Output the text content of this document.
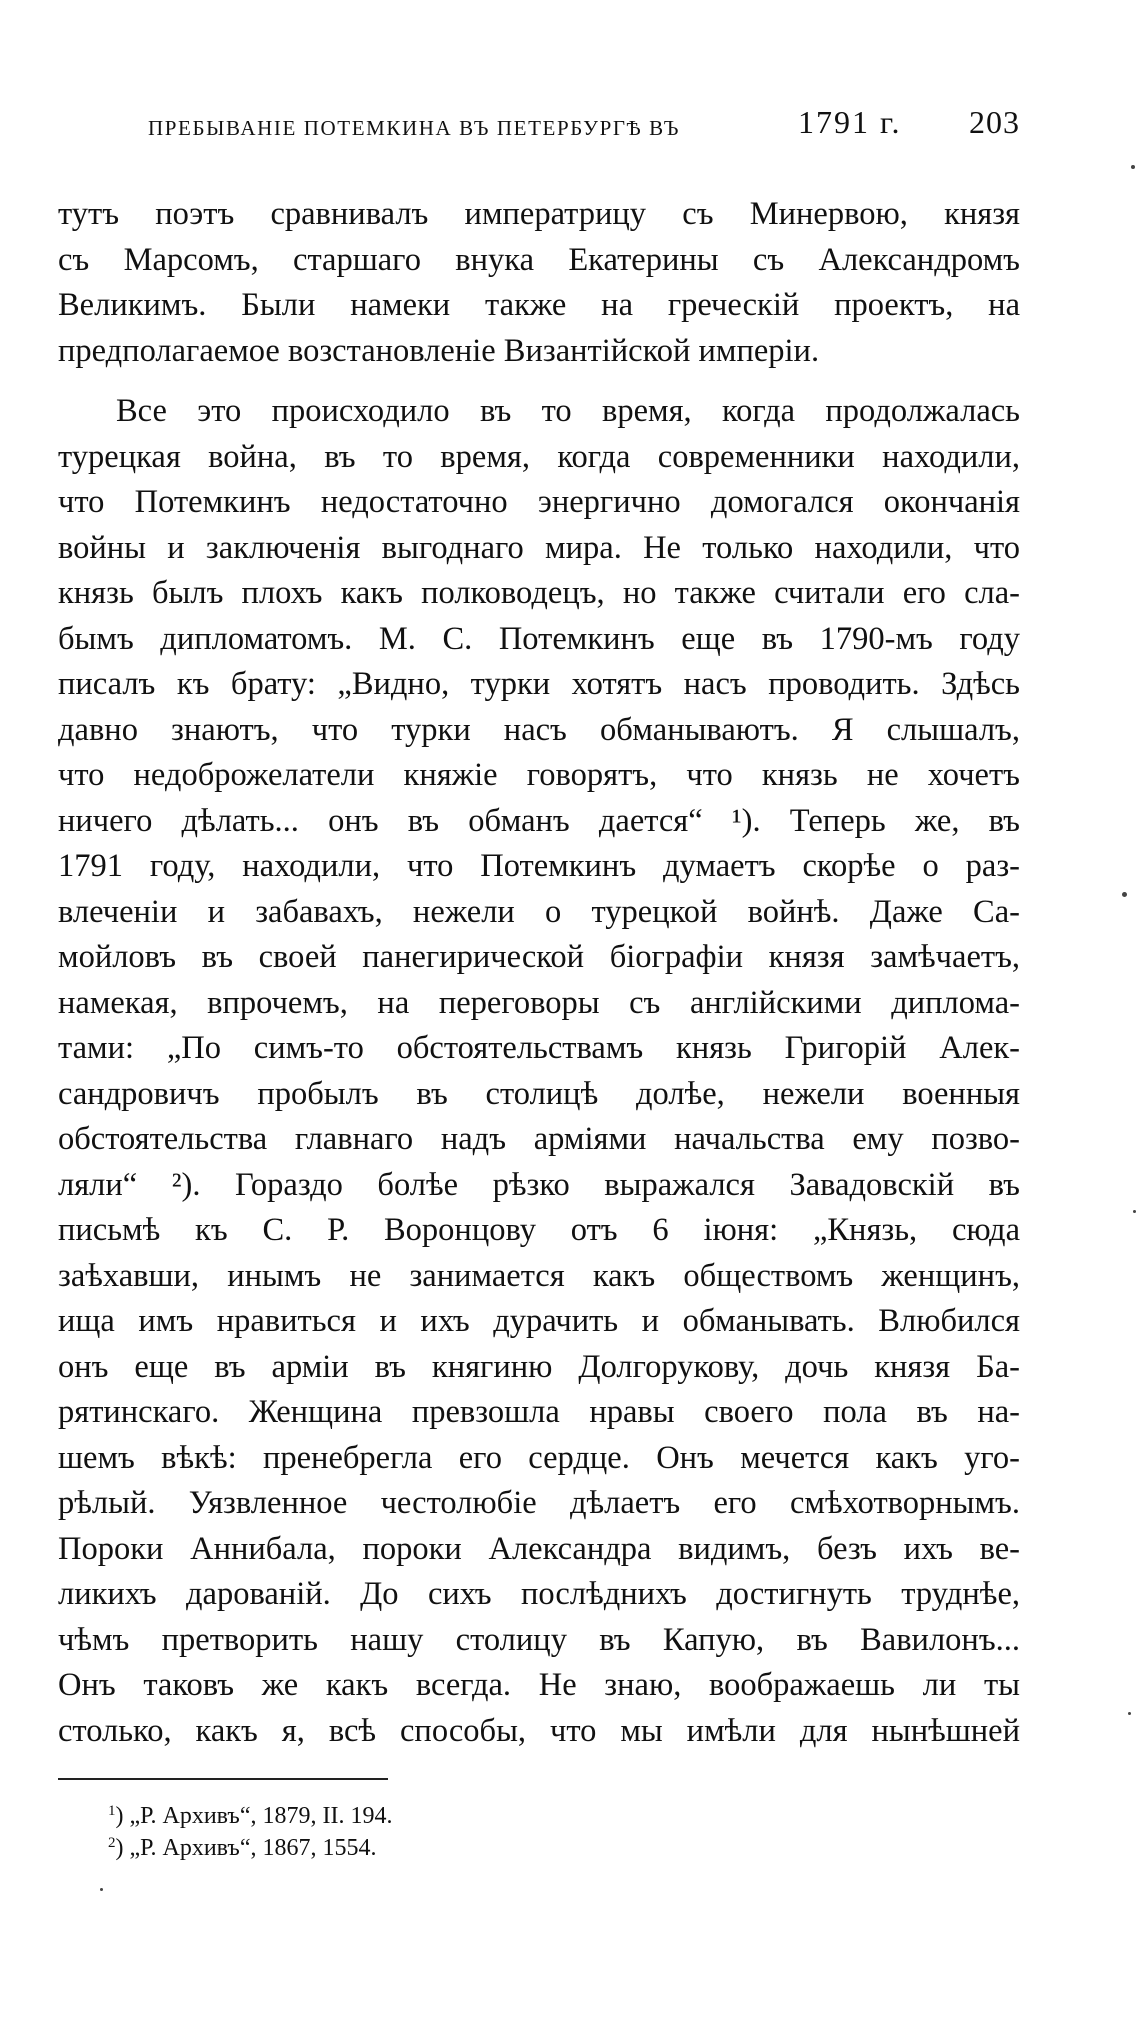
ПРЕБЫВАНІЕ ПОТЕМКИНА ВЪ ПЕТЕРБУРГѢ ВЪ	1791 г. 203
тутъ поэтъ сравнивалъ императрицу съ Минервою, князя
съ Марсомъ, старшаго внука Екатерины съ Александромъ
Великимъ. Были намеки также на греческій проектъ, на
предполагаемое возстановленіе Византійской имперіи.
Все это происходило въ то время, когда продолжалась
турецкая война, въ то время, когда современники находили,
что Потемкинъ недостаточно энергично домогался окончанія
войны и заключенія выгоднаго мира. Не только находили, что
князь былъ плохъ какъ полководецъ, но также считали его сла-
бымъ дипломатомъ. М. С. Потемкинъ еще въ 1790-мъ году
писалъ къ брату: „Видно, турки хотятъ насъ проводить. Здѣсь
давно знаютъ, что турки насъ обманываютъ. Я слышалъ,
что недоброжелатели княжіе говорятъ, что князь не хочетъ
ничего дѣлать... онъ въ обманъ дается“ ¹). Теперь же, въ
1791 году, находили, что Потемкинъ думаетъ скорѣе о раз-
влеченіи и забавахъ, нежели о турецкой войнѣ. Даже Са-
мойловъ въ своей панегирической біографіи князя замѣчаетъ,
намекая, впрочемъ, на переговоры съ англійскими диплома-
тами: „По симъ-то обстоятельствамъ князь Григорій Алек-
сандровичъ пробылъ въ столицѣ долѣе, нежели военныя
обстоятельства главнаго надъ арміями начальства ему позво-
ляли“ ²). Гораздо болѣе рѣзко выражался Завадовскій въ
письмѣ къ С. Р. Воронцову отъ 6 іюня: „Князь, сюда
заѣхавши, инымъ не занимается какъ обществомъ женщинъ,
ища имъ нравиться и ихъ дурачить и обманывать. Влюбился
онъ еще въ арміи въ княгиню Долгорукову, дочь князя Ба-
рятинскаго. Женщина превзошла нравы своего пола въ на-
шемъ вѣкѣ: пренебрегла его сердце. Онъ мечется какъ уго-
рѣлый. Уязвленное честолюбіе дѣлаетъ его смѣхотворнымъ.
Пороки Аннибала, пороки Александра видимъ, безъ ихъ ве-
ликихъ дарованій. До сихъ послѣднихъ достигнуть труднѣе,
чѣмъ претворить нашу столицу въ Капую, въ Вавилонъ...
Онъ таковъ же какъ всегда. Не знаю, воображаешь ли ты
столько, какъ я, всѣ способы, что мы имѣли для нынѣшней
$^1$) „Р. Архивъ“, 1879, II. 194.
$^2$) „Р. Архивъ“, 1867, 1554.
